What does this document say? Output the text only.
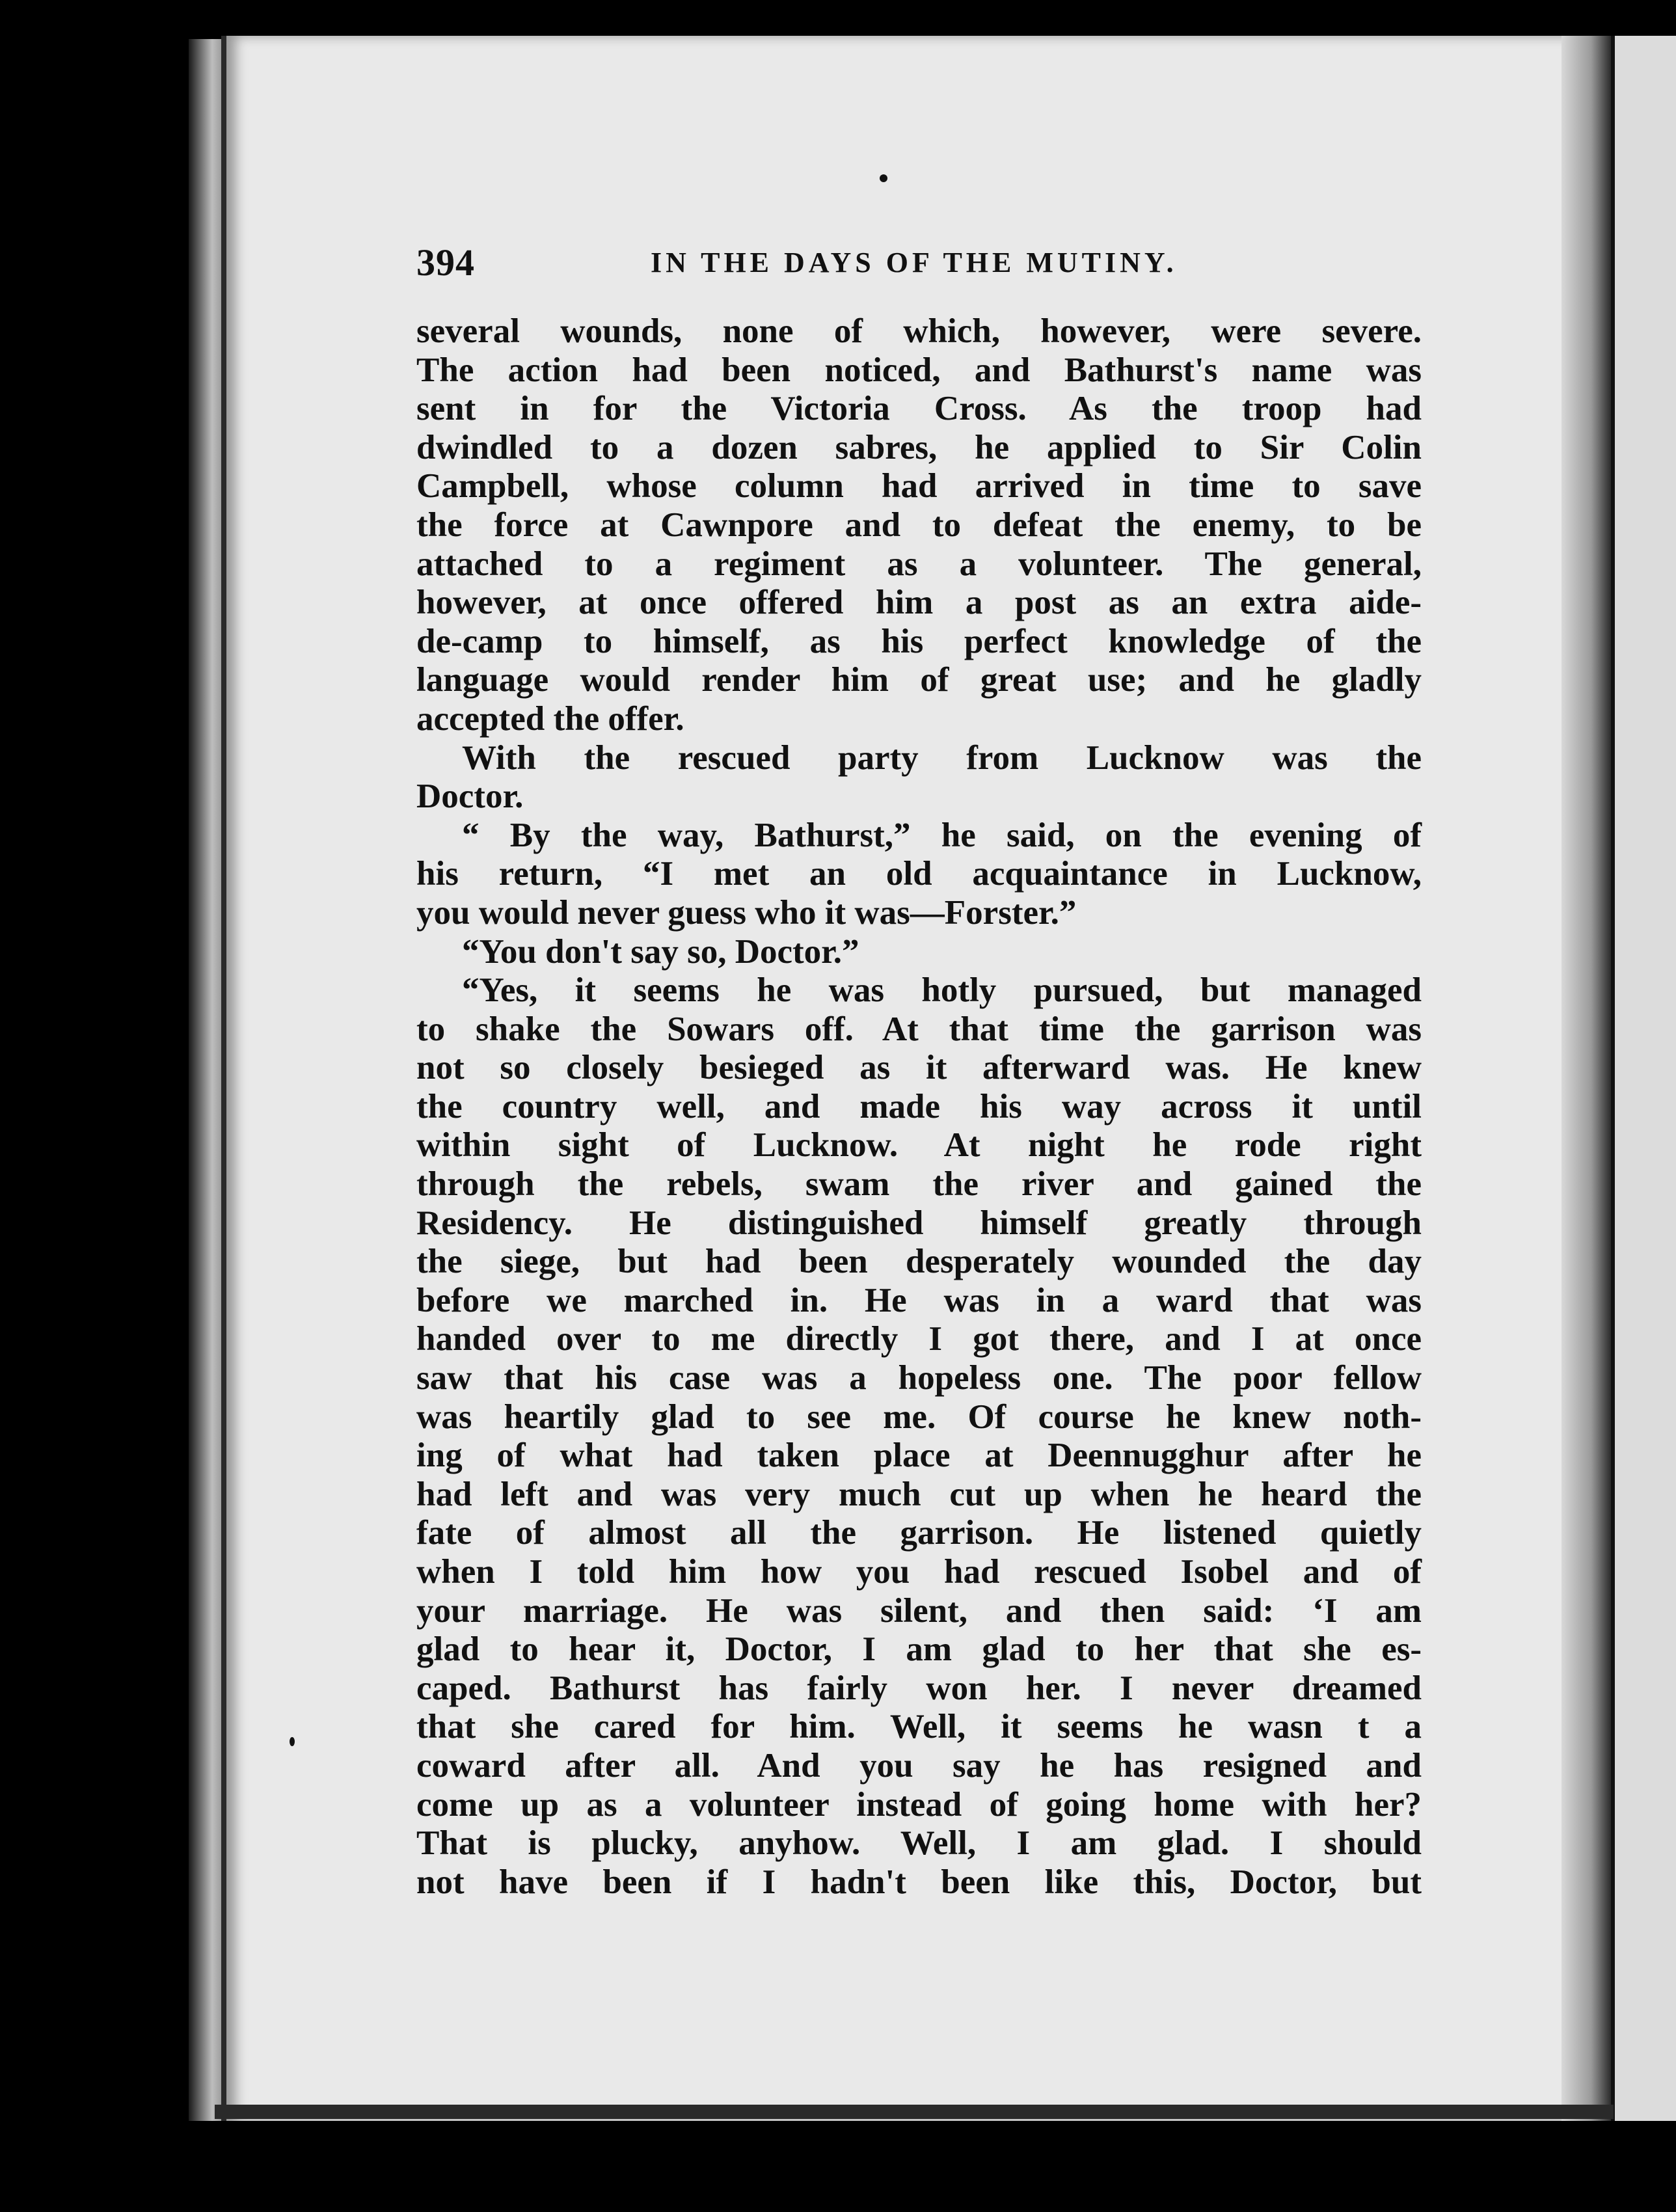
394	IN THE DAYS OF THE MUTINY.
several wounds, none of which, however, were severe.
The action had been noticed, and Bathurst's name was
sent in for the Victoria Cross. As the troop had
dwindled to a dozen sabres, he applied to Sir Colin
Campbell, whose column had arrived in time to save
the force at Cawnpore and to defeat the enemy, to be
attached to a regiment as a volunteer. The general,
however, at once offered him a post as an extra aide-
de-camp to himself, as his perfect knowledge of the
language would render him of great use; and he gladly
accepted the offer.
With the rescued party from Lucknow was the
Doctor.
“ By the way, Bathurst,” he said, on the evening of
his return, “I met an old acquaintance in Lucknow,
you would never guess who it was—Forster.”
“You don't say so, Doctor.”
“Yes, it seems he was hotly pursued, but managed
to shake the Sowars off. At that time the garrison was
not so closely besieged as it afterward was. He knew
the country well, and made his way across it until
within sight of Lucknow. At night he rode right
through the rebels, swam the river and gained the
Residency. He distinguished himself greatly through
the siege, but had been desperately wounded the day
before we marched in. He was in a ward that was
handed over to me directly I got there, and I at once
saw that his case was a hopeless one. The poor fellow
was heartily glad to see me. Of course he knew noth-
ing of what had taken place at Deennugghur after he
had left and was very much cut up when he heard the
fate of almost all the garrison. He listened quietly
when I told him how you had rescued Isobel and of
your marriage. He was silent, and then said: ‘I am
glad to hear it, Doctor, I am glad to her that she es-
caped. Bathurst has fairly won her. I never dreamed
that she cared for him. Well, it seems he wasn t a
coward after all. And you say he has resigned and
come up as a volunteer instead of going home with her?
That is plucky, anyhow. Well, I am glad. I should
not have been if I hadn't been like this, Doctor, but
